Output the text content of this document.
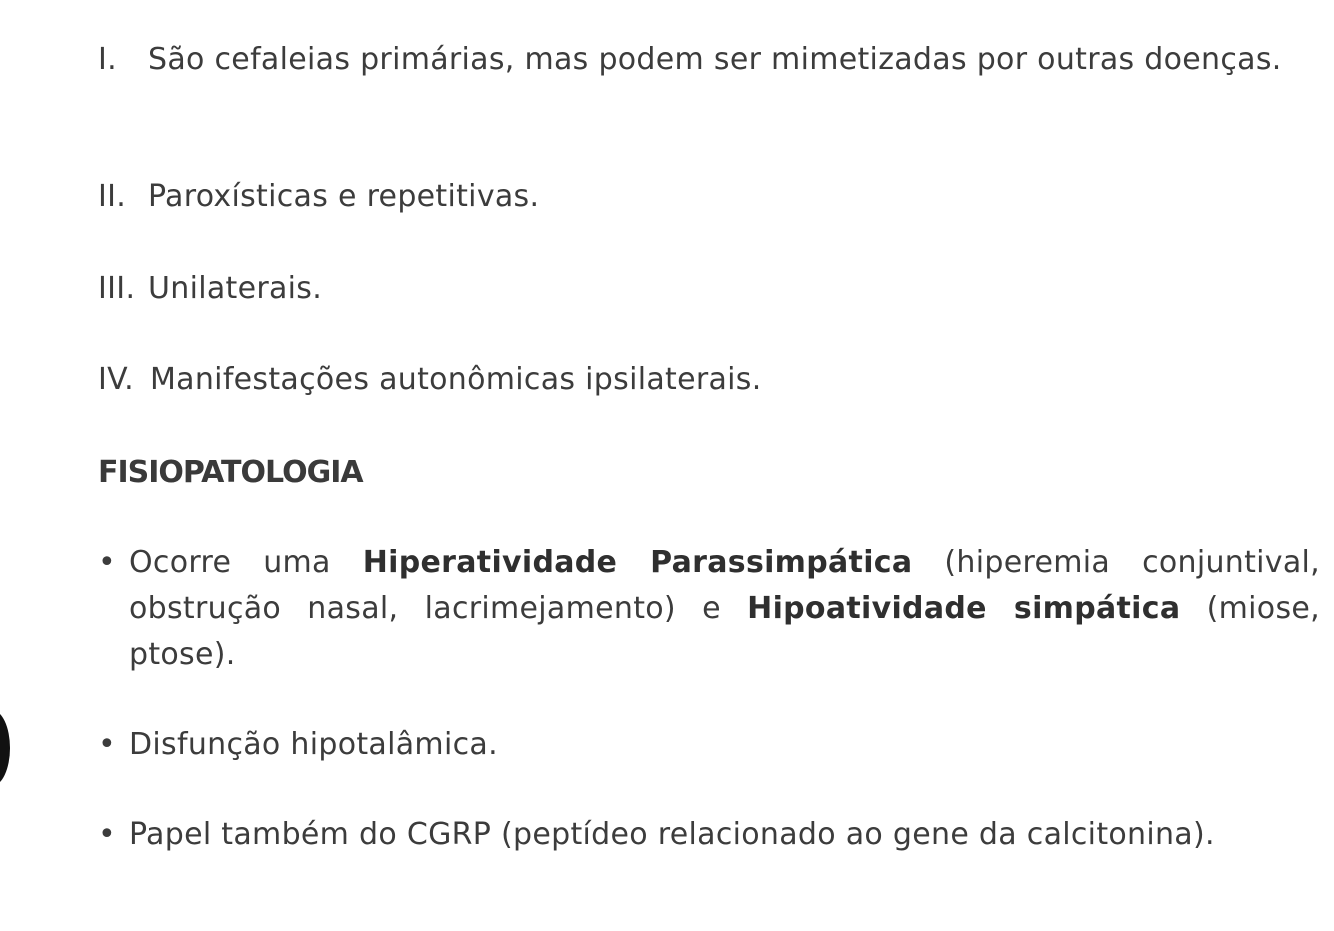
I.	São cefaleias primárias, mas podem ser mimetizadas por outras doenças.
II. Paroxísticas e repetitivas.
III. Unilaterais.
IV. Manifestações autonômicas ipsilaterais.
FISIOPATOLOGIA
• Ocorre uma Hiperatividade Parassimpática (hiperemia conjuntival, obstrução nasal, lacrimejamento) e Hipoatividade simpática (miose, ptose).
• Disfunção hipotalâmica.
• Papel também do CGRP (peptídeo relacionado ao gene da calcitonina).
